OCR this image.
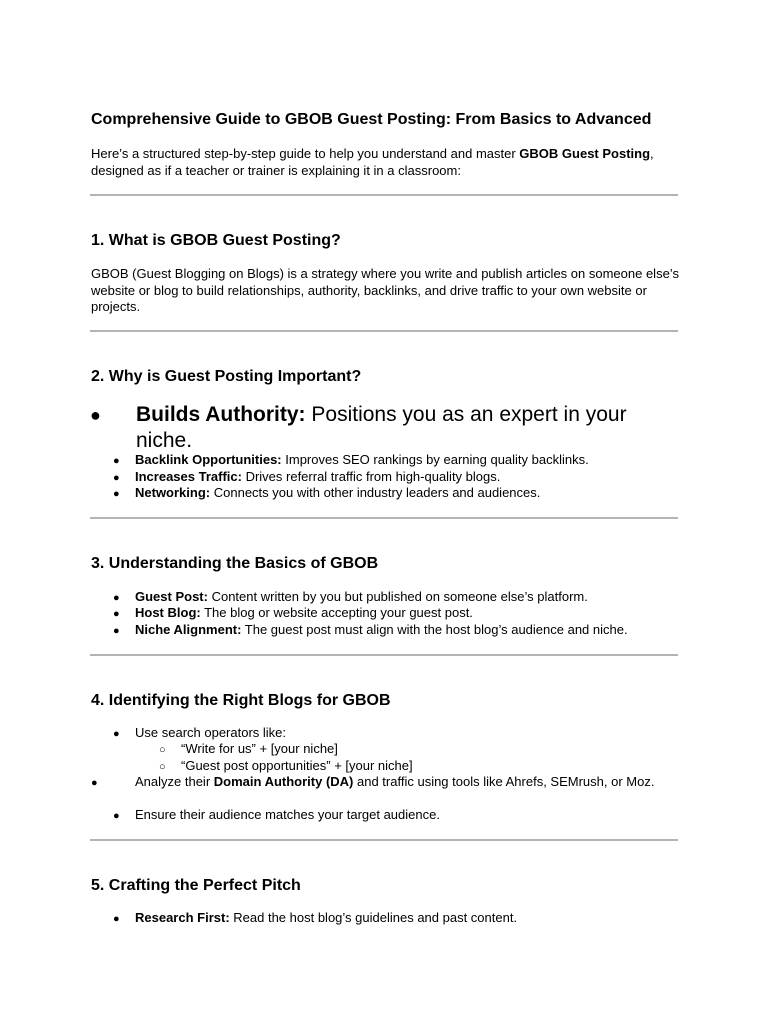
Comprehensive Guide to GBOB Guest Posting: From Basics to Advanced
Here’s a structured step-by-step guide to help you understand and master GBOB Guest Posting, designed as if a teacher or trainer is explaining it in a classroom:
1. What is GBOB Guest Posting?
GBOB (Guest Blogging on Blogs) is a strategy where you write and publish articles on someone else’s website or blog to build relationships, authority, backlinks, and drive traffic to your own website or projects.
2. Why is Guest Posting Important?
● Builds Authority: Positions you as an expert in your niche.
● Backlink Opportunities: Improves SEO rankings by earning quality backlinks.
● Increases Traffic: Drives referral traffic from high-quality blogs.
● Networking: Connects you with other industry leaders and audiences.
3. Understanding the Basics of GBOB
● Guest Post: Content written by you but published on someone else’s platform.
● Host Blog: The blog or website accepting your guest post.
● Niche Alignment: The guest post must align with the host blog’s audience and niche.
4. Identifying the Right Blogs for GBOB
● Use search operators like:
○ “Write for us” + [your niche]
○ “Guest post opportunities” + [your niche]
●	Analyze their Domain Authority (DA) and traffic using tools like Ahrefs, SEMrush, or Moz.
● Ensure their audience matches your target audience.
5. Crafting the Perfect Pitch
● Research First: Read the host blog’s guidelines and past content.
